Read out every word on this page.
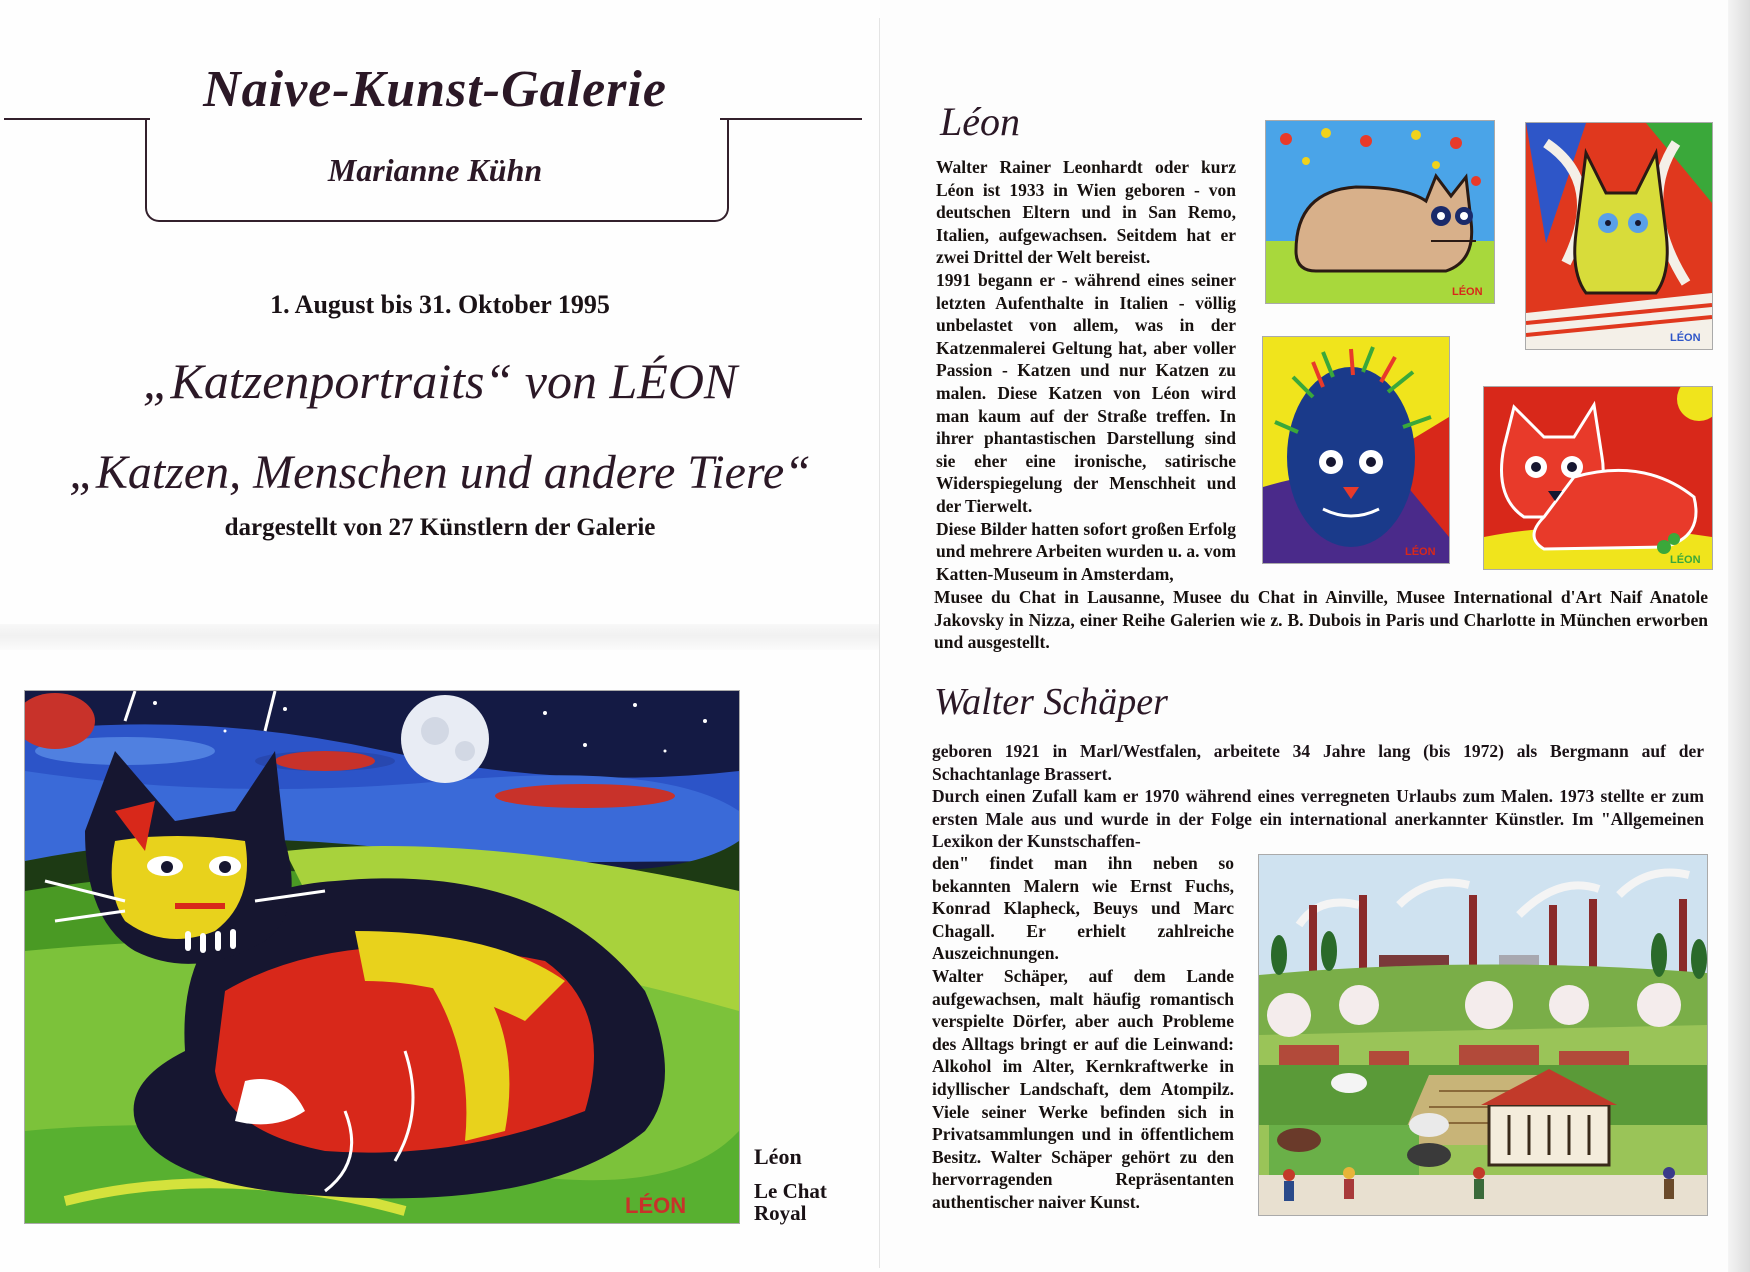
Naive-Kunst-Galerie
Marianne Kühn
1. August bis 31. Oktober 1995
„Katzenportraits“ von LÉON
„Katzen, Menschen und andere Tiere“
dargestellt von 27 Künstlern der Galerie
LÉON
Léon
Le Chat
Royal
Léon

Walter Rainer Leonhardt oder kurz Léon ist 1933 in Wien geboren - von deutschen Eltern und in San Remo, Italien, aufgewachsen. Seitdem hat er zwei Drittel der Welt bereist.

1991 begann er - während eines seiner letzten Aufenthalte in Italien - völlig unbelastet von allem, was in der Katzenmalerei Geltung hat, aber voller Passion - Katzen und nur Katzen zu malen. Diese Katzen von Léon wird man kaum auf der Straße treffen. In ihrer phantastischen Darstellung sind sie eher eine ironische, satirische Widerspiegelung der Menschheit und der Tierwelt.

Diese Bilder hatten sofort großen Erfolg und mehrere Arbeiten wurden u. a. vom Katten-Museum in Amsterdam,

Musee du Chat in Lausanne, Musee du Chat in Ainville, Musee International d'Art Naif Anatole Jakovsky in Nizza, einer Reihe Galerien wie z. B. Dubois in Paris und Charlotte in München erworben und ausgestellt.

LÉON
LÉON
LÉON
LÉON
Walter Schäper

geboren 1921 in Marl/Westfalen, arbeitete 34 Jahre lang (bis 1972) als Bergmann auf der Schachtanlage Brassert.

Durch einen Zufall kam er 1970 während eines verregneten Urlaubs zum Malen. 1973 stellte er zum ersten Male aus und wurde in der Folge ein international anerkannter Künstler. Im "Allgemeinen Lexikon der Kunstschaffen-

den" findet man ihn neben so bekannten Malern wie Ernst Fuchs, Konrad Klapheck, Beuys und Marc Chagall. Er erhielt zahlreiche Auszeichnungen.

Walter Schäper, auf dem Lande aufgewachsen, malt häufig romantisch verspielte Dörfer, aber auch Probleme des Alltags bringt er auf die Leinwand: Alkohol im Alter, Kernkraftwerke in idyllischer Landschaft, dem Atompilz. Viele seiner Werke befinden sich in Privatsammlungen und in öffentlichem Besitz. Walter Schäper gehört zu den hervorragenden Repräsentanten authentischer naiver Kunst.
